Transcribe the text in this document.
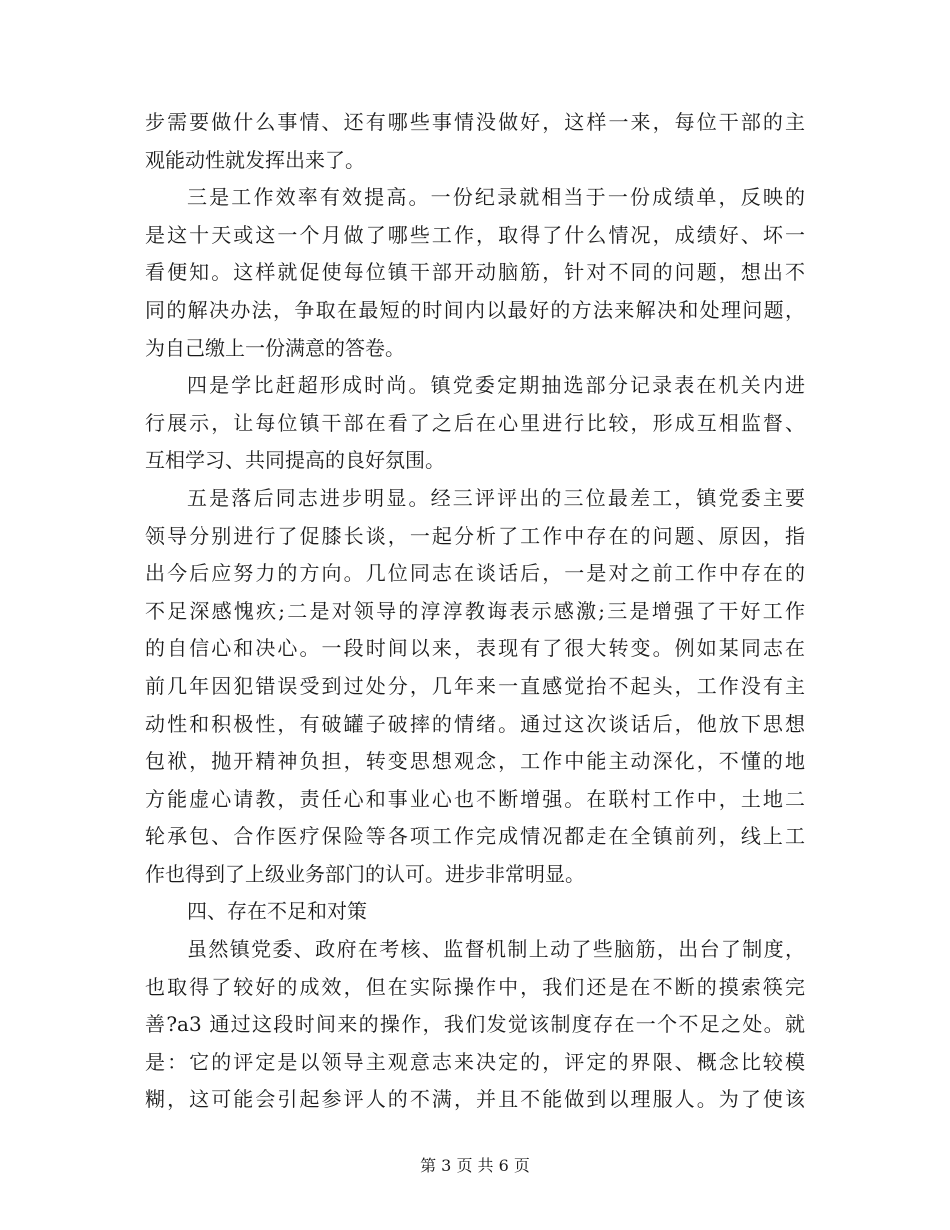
步需要做什么事情、还有哪些事情没做好，这样一来，每位干部的主
观能动性就发挥出来了。
三是工作效率有效提高。一份纪录就相当于一份成绩单，反映的
是这十天或这一个月做了哪些工作，取得了什么情况，成绩好、坏一
看便知。这样就促使每位镇干部开动脑筋，针对不同的问题，想出不
同的解决办法，争取在最短的时间内以最好的方法来解决和处理问题，
为自己缴上一份满意的答卷。
四是学比赶超形成时尚。镇党委定期抽选部分记录表在机关内进
行展示，让每位镇干部在看了之后在心里进行比较，形成互相监督、
互相学习、共同提高的良好氛围。
五是落后同志进步明显。经三评评出的三位最差工，镇党委主要
领导分别进行了促膝长谈，一起分析了工作中存在的问题、原因，指
出今后应努力的方向。几位同志在谈话后，一是对之前工作中存在的
不足深感愧疚;二是对领导的淳淳教诲表示感激;三是增强了干好工作
的自信心和决心。一段时间以来，表现有了很大转变。例如某同志在
前几年因犯错误受到过处分，几年来一直感觉抬不起头，工作没有主
动性和积极性，有破罐子破摔的情绪。通过这次谈话后，他放下思想
包袱，抛开精神负担，转变思想观念，工作中能主动深化，不懂的地
方能虚心请教，责任心和事业心也不断增强。在联村工作中，土地二
轮承包、合作医疗保险等各项工作完成情况都走在全镇前列，线上工
作也得到了上级业务部门的认可。进步非常明显。
四、存在不足和对策
虽然镇党委、政府在考核、监督机制上动了些脑筋，出台了制度，
也取得了较好的成效，但在实际操作中，我们还是在不断的摸索筷完
善?a3 通过这段时间来的操作，我们发觉该制度存在一个不足之处。就
是：它的评定是以领导主观意志来决定的，评定的界限、概念比较模
糊，这可能会引起参评人的不满，并且不能做到以理服人。为了使该
第 3 页 共 6 页
